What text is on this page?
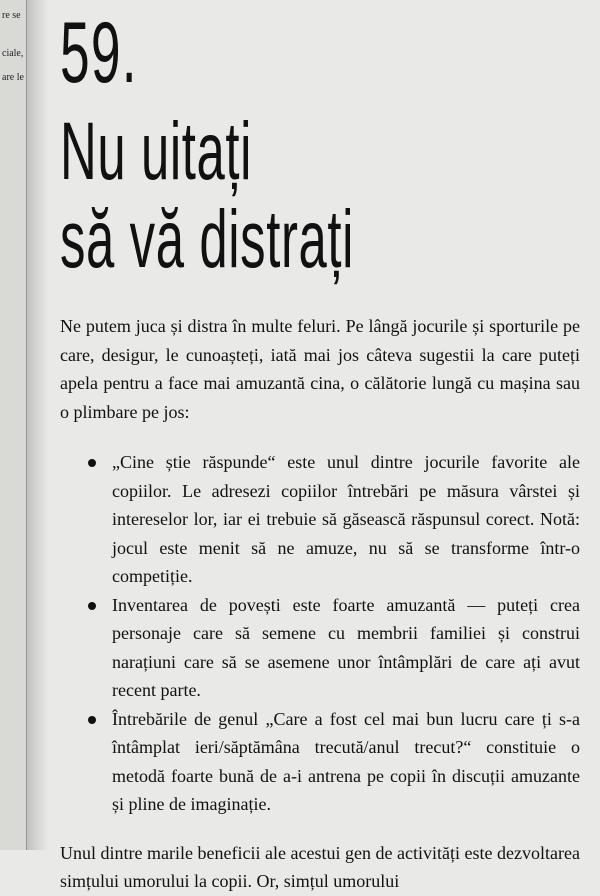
re se
ciale,
are le 59.
Nu uitați
să vă distrați

Ne putem juca și distra în multe feluri. Pe lângă jocurile și sporturile pe care, desigur, le cunoașteți, iată mai jos câteva sugestii la care puteți apela pentru a face mai amuzantă cina, o călătorie lungă cu mașina sau o plimbare pe jos:

„Cine știe răspunde“ este unul dintre jocurile favorite ale copiilor. Le adresezi copiilor întrebări pe măsura vârstei și intereselor lor, iar ei trebuie să găsească răspunsul corect. Notă: jocul este menit să ne amuze, nu să se transforme într-o competiție.
Inventarea de povești este foarte amuzantă — puteți crea personaje care să semene cu membrii familiei și construi narațiuni care să se asemene unor întâmplări de care ați avut recent parte.
Întrebările de genul „Care a fost cel mai bun lucru care ți s-a întâmplat ieri/săptămâna trecută/anul trecut?“ constituie o metodă foarte bună de a-i antrena pe copii în discuții amuzante și pline de imaginație.

Unul dintre marile beneficii ale acestui gen de activități este dezvoltarea simțului umorului la copii. Or, simțul umorului
